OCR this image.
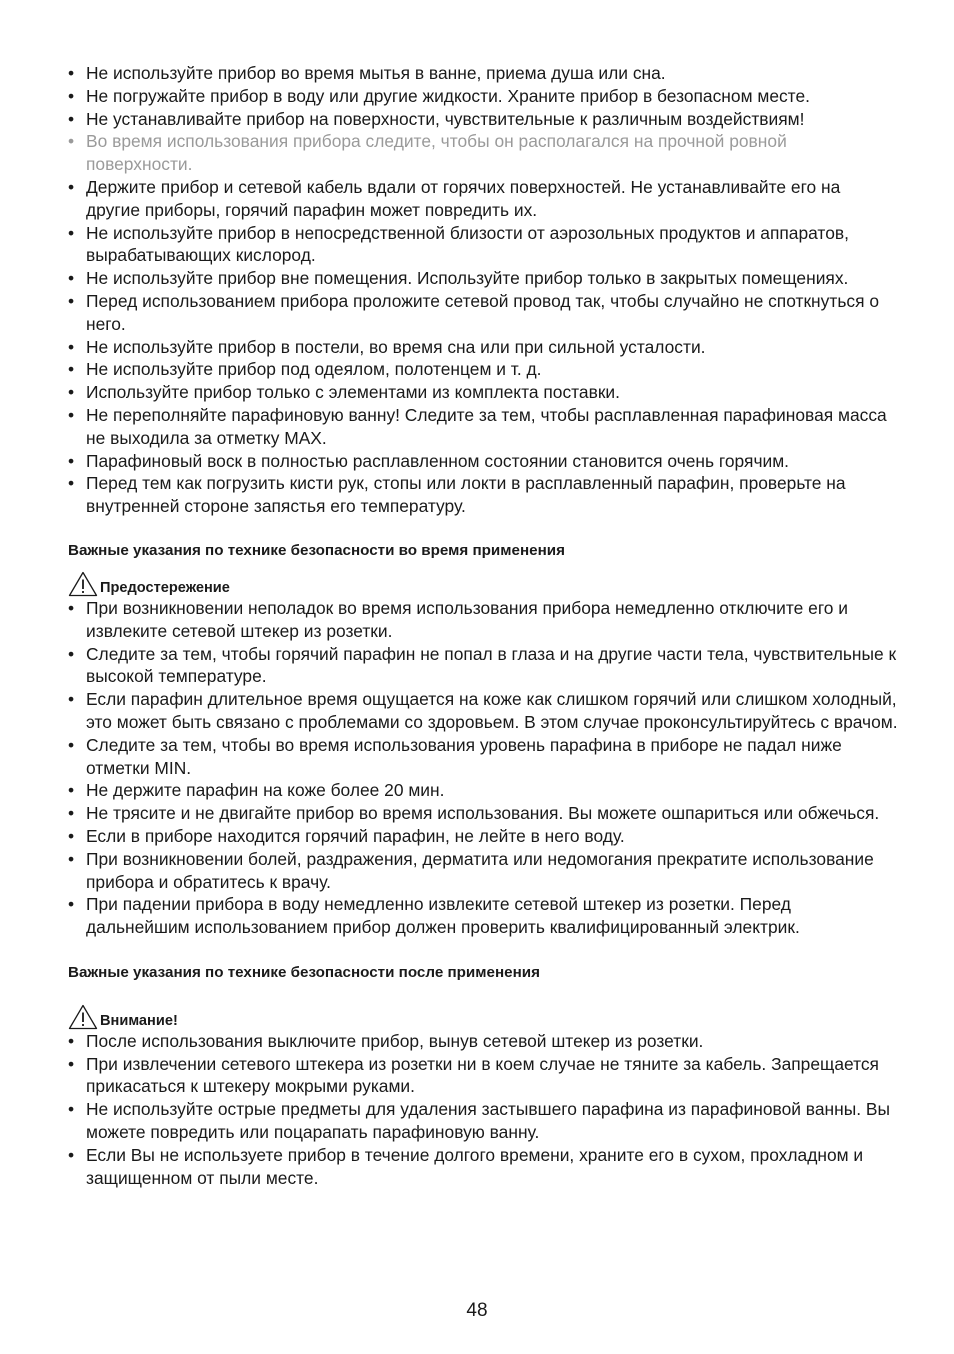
• Не используйте прибор во время мытья в ванне, приема душа или сна.
• Не погружайте прибор в воду или другие жидкости. Храните прибор в безопасном месте.
• Не устанавливайте прибор на поверхности, чувствительные к различным воздействиям!
• Во время использования прибора следите, чтобы он располагался на прочной ровной поверхности.
• Держите прибор и сетевой кабель вдали от горячих поверхностей. Не устанавливайте его на другие приборы, горячий парафин может повредить их.
• Не используйте прибор в непосредственной близости от аэрозольных продуктов и аппаратов, вырабатывающих кислород.
• Не используйте прибор вне помещения. Используйте прибор только в закрытых помещениях.
• Перед использованием прибора проложите сетевой провод так, чтобы случайно не споткнуться о него.
• Не используйте прибор в постели, во время сна или при сильной усталости.
• Не используйте прибор под одеялом, полотенцем и т. д.
• Используйте прибор только с элементами из комплекта поставки.
• Не переполняйте парафиновую ванну! Следите за тем, чтобы расплавленная парафиновая масса не выходила за отметку MAX.
• Парафиновый воск в полностью расплавленном состоянии становится очень горячим.
• Перед тем как погрузить кисти рук, стопы или локти в расплавленный парафин, проверьте на внутренней стороне запястья его температуру.

Важные указания по технике безопасности во время применения

Предостережение
• При возникновении неполадок во время использования прибора немедленно отключите его и извлеките сетевой штекер из розетки.
• Следите за тем, чтобы горячий парафин не попал в глаза и на другие части тела, чувствительные к высокой температуре.
• Если парафин длительное время ощущается на коже как слишком горячий или слишком холодный, это может быть связано с проблемами со здоровьем. В этом случае проконсультируйтесь с врачом.
• Следите за тем, чтобы во время использования уровень парафина в приборе не падал ниже отметки MIN.
• Не держите парафин на коже более 20 мин.
• Не трясите и не двигайте прибор во время использования. Вы можете ошпариться или обжечься.
• Если в приборе находится горячий парафин, не лейте в него воду.
• При возникновении болей, раздражения, дерматита или недомогания прекратите использование прибора и обратитесь к врачу.
• При падении прибора в воду немедленно извлеките сетевой штекер из розетки. Перед дальнейшим использованием прибор должен проверить квалифицированный электрик.

Важные указания по технике безопасности после применения

Внимание!
• После использования выключите прибор, вынув сетевой штекер из розетки.
• При извлечении сетевого штекера из розетки ни в коем случае не тяните за кабель. Запрещается прикасаться к штекеру мокрыми руками.
• Не используйте острые предметы для удаления застывшего парафина из парафиновой ванны. Вы можете повредить или поцарапать парафиновую ванну.
• Если Вы не используете прибор в течение долгого времени, храните его в сухом, прохладном и защищенном от пыли месте.
48
